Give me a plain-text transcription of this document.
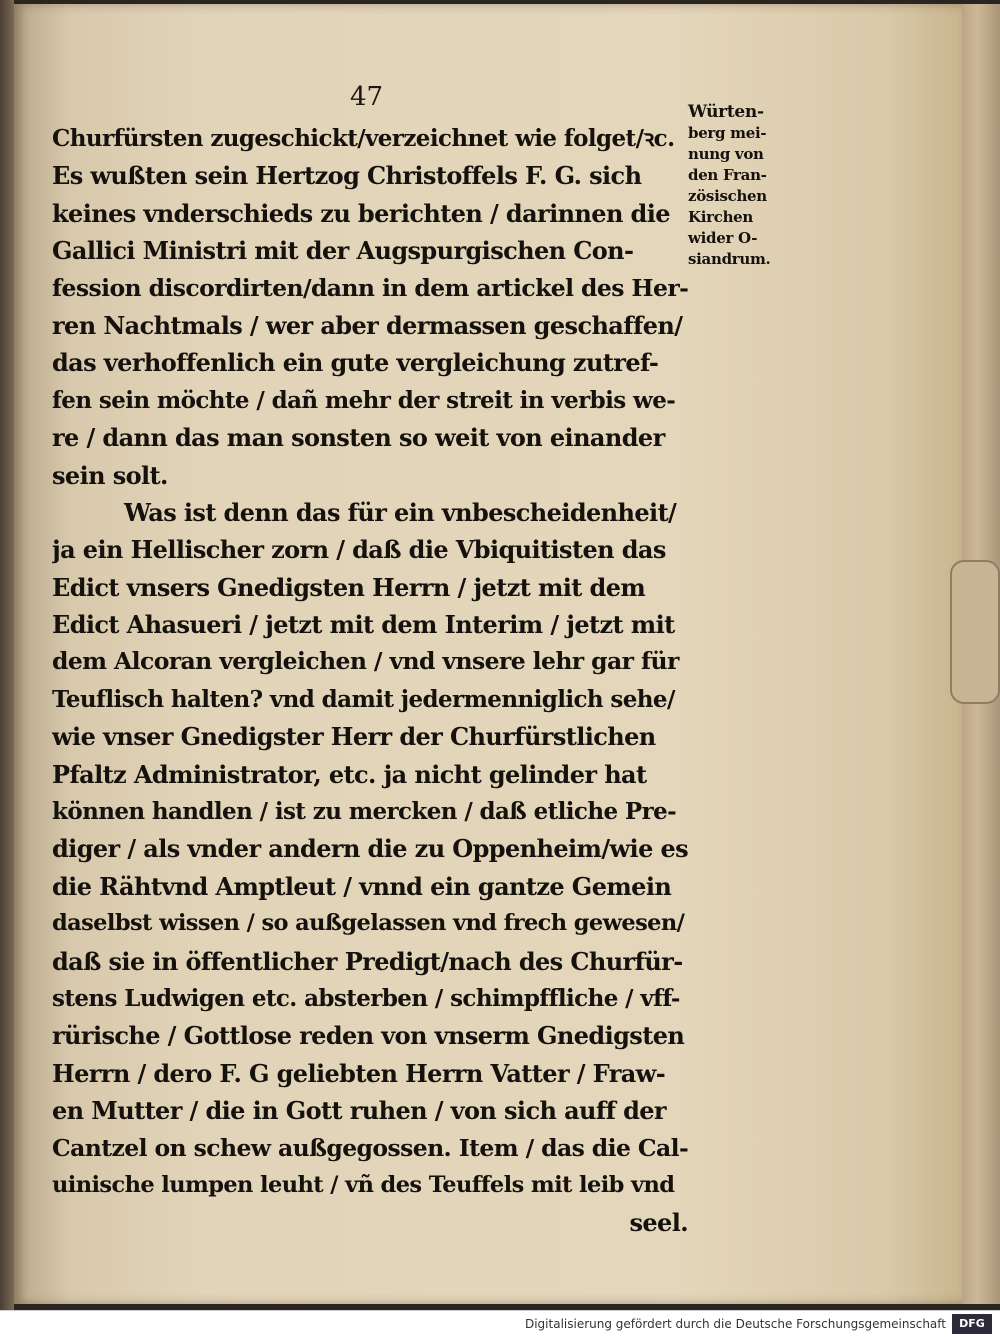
47
Churfürsten zugeschickt/verzeichnet wie folget/ꝛc.
Es wußten sein Hertzog Christoffels F. G. sich
keines vnderschieds zu berichten / darinnen die
Gallici Ministri mit der Augspurgischen Con-
fession discordirten/dann in dem artickel des Her-
ren Nachtmals / wer aber dermassen geschaffen/
das verhoffenlich ein gute vergleichung zutref-
fen sein möchte / dañ mehr der streit in verbis we-
re / dann das man sonsten so weit von einander
sein solt.
Was ist denn das für ein vnbescheidenheit/
ja ein Hellischer zorn / daß die Vbiquitisten das
Edict vnsers Gnedigsten Herrn / jetzt mit dem
Edict Ahasueri / jetzt mit dem Interim / jetzt mit
dem Alcoran vergleichen / vnd vnsere lehr gar für
Teuflisch halten? vnd damit jedermenniglich sehe/
wie vnser Gnedigster Herr der Churfürstlichen
Pfaltz Administrator, etc. ja nicht gelinder hat
können handlen / ist zu mercken / daß etliche Pre-
diger / als vnder andern die zu Oppenheim/wie es
die Rähtvnd Amptleut / vnnd ein gantze Gemein
daselbst wissen / so außgelassen vnd frech gewesen/
daß sie in öffentlicher Predigt/nach des Churfür-
stens Ludwigen etc. absterben / schimpffliche / vff-
rürische / Gottlose reden von vnserm Gnedigsten
Herrn / dero F. G geliebten Herrn Vatter / Fraw-
en Mutter / die in Gott ruhen / von sich auff der
Cantzel on schew außgegossen. Item / das die Cal-
uinische lumpen leuht / vñ des Teuffels mit leib vnd
seel.
Würten-
berg mei-
nung von
den Fran-
zösischen
Kirchen
wider O-
siandrum.
Digitalisierung gefördert durch die Deutsche Forschungsgemeinschaft	DFG
